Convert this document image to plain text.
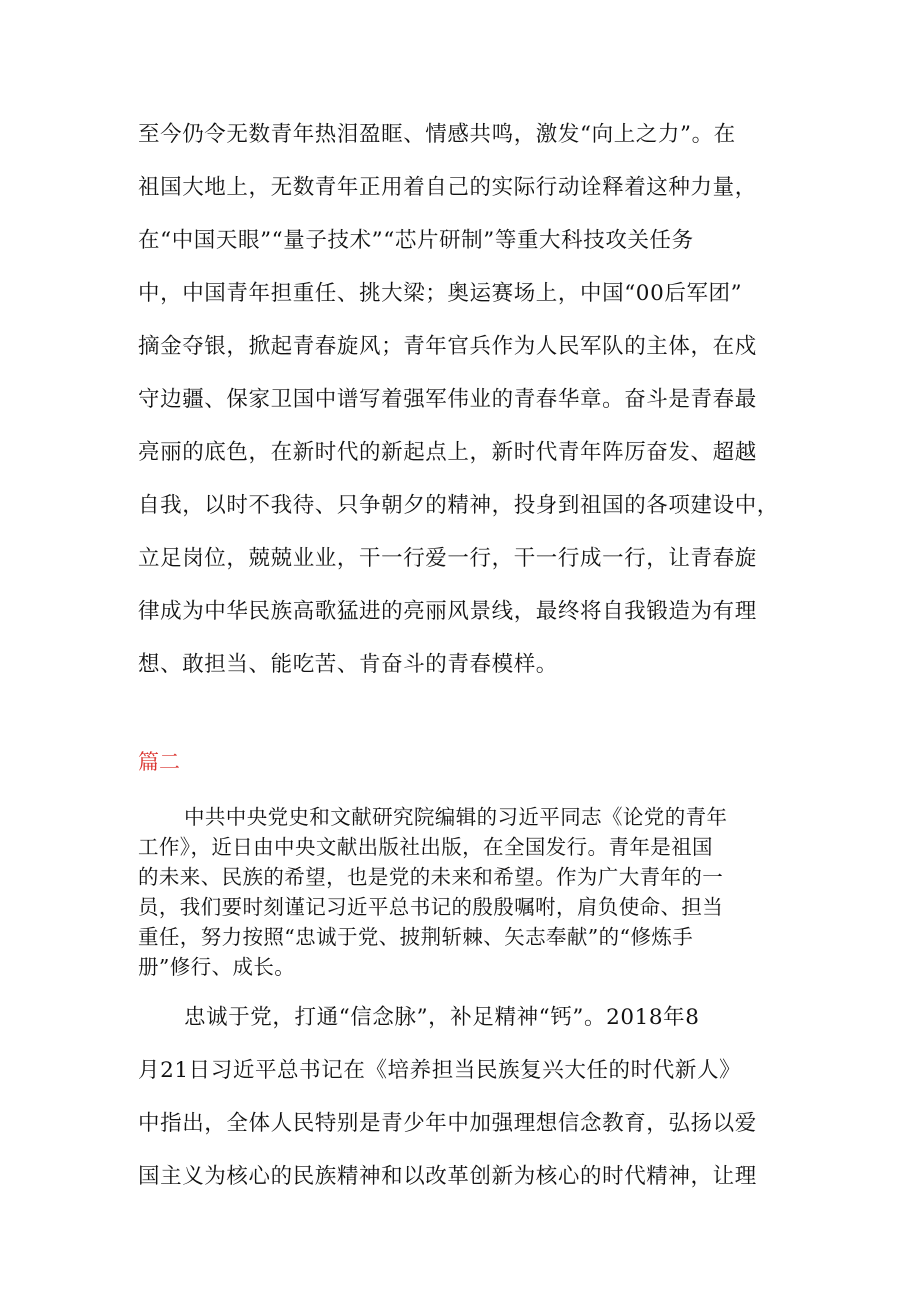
至今仍令无数青年热泪盈眶、情感共鸣，激发“向上之力”。在
祖国大地上，无数青年正用着自己的实际行动诠释着这种力量，
在“中国天眼”“量子技术”“芯片研制”等重大科技攻关任务
中，中国青年担重任、挑大梁；奥运赛场上，中国“00后军团”
摘金夺银，掀起青春旋风；青年官兵作为人民军队的主体，在戍
守边疆、保家卫国中谱写着强军伟业的青春华章。奋斗是青春最
亮丽的底色，在新时代的新起点上，新时代青年阵厉奋发、超越
自我，以时不我待、只争朝夕的精神，投身到祖国的各项建设中，
立足岗位，兢兢业业，干一行爱一行，干一行成一行，让青春旋
律成为中华民族高歌猛进的亮丽风景线，最终将自我锻造为有理
想、敢担当、能吃苦、肯奋斗的青春模样。
篇二
中共中央党史和文献研究院编辑的习近平同志《论党的青年
工作》，近日由中央文献出版社出版，在全国发行。青年是祖国
的未来、民族的希望，也是党的未来和希望。作为广大青年的一
员，我们要时刻谨记习近平总书记的殷殷嘱咐，肩负使命、担当
重任，努力按照“忠诚于党、披荆斩棘、矢志奉献”的“修炼手
册”修行、成长。
忠诚于党，打通“信念脉”，补足精神“钙”。2018年8
月21日习近平总书记在《培养担当民族复兴大任的时代新人》
中指出，全体人民特别是青少年中加强理想信念教育，弘扬以爱
国主义为核心的民族精神和以改革创新为核心的时代精神，让理
